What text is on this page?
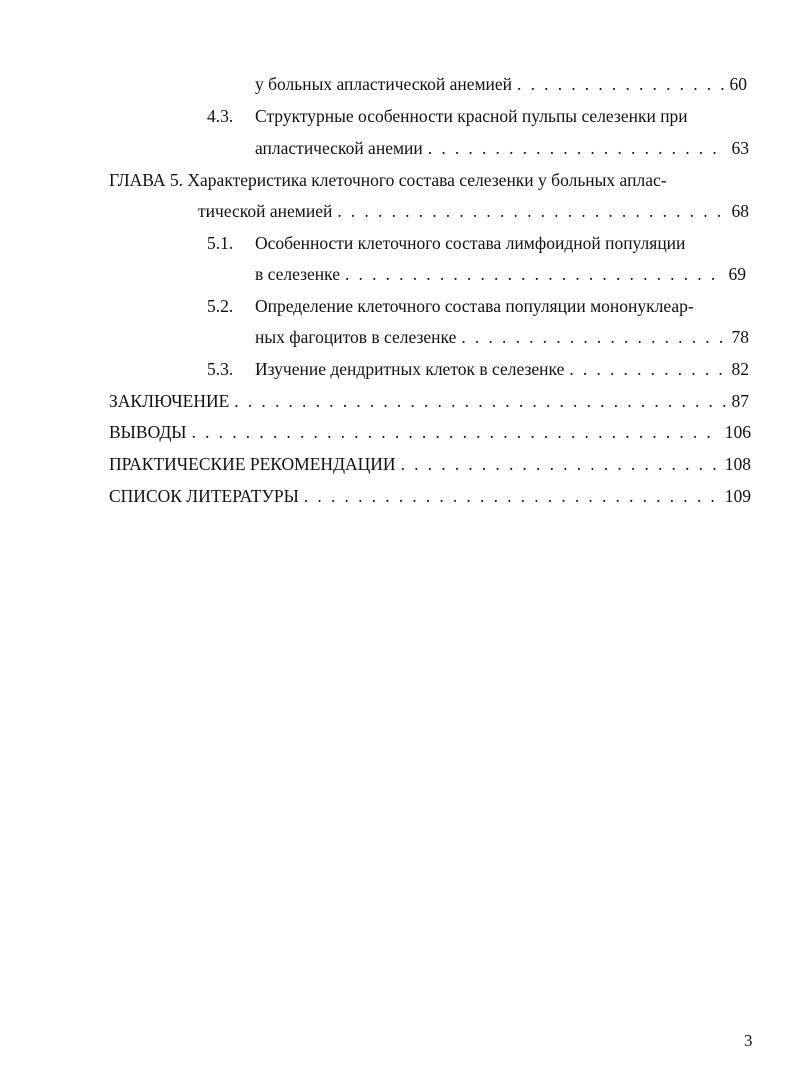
у больных апластической анемией . . .	60
4.3. Структурные особенности красной пульпы селезенки при
апластической анемии . . .	63
ГЛАВА 5. Характеристика клеточного состава селезенки у больных аплас-
тической анемией . . .	68
5.1. Особенности клеточного состава лимфоидной популяции
в селезенке . . .	69
5.2. Определение клеточного состава популяции мононуклеар-
ных фагоцитов в селезенке . . .	78
5.3.	Изучение дендритных клеток в селезенке . . .	82
ЗАКЛЮЧЕНИЕ . . .	87
ВЫВОДЫ . . .	106
ПРАКТИЧЕСКИЕ РЕКОМЕНДАЦИИ . . .	108
СПИСОК ЛИТЕРАТУРЫ . . .	109
3
